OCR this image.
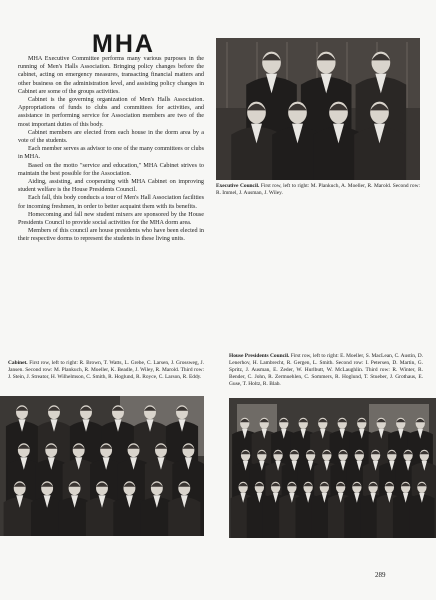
MHA

MHA Executive Committee performs many various purposes in the running of Men's Halls Association. Bringing policy changes before the cabinet, acting on emergency measures, transacting financial matters and other business on the administration level, and assisting policy changes in Cabinet are some of the groups activities.

Cabinet is the governing organization of Men's Halls Association. Appropriations of funds to clubs and committees for activities, and assistance in performing service for Association members are two of the most important duties of this body.

Cabinet members are elected from each house in the dorm area by a vote of the students.

Each member serves as advisor to one of the many committees or clubs in MHA.

Based on the motto "service and education," MHA Cabinet strives to maintain the best possible for the Association.

Aiding, assisting, and cooperating with MHA Cabinet on improving student welfare is the House Presidents Council.

Each fall, this body conducts a tour of Men's Hall Association facilities for incoming freshmen, in order to better acquaint them with its benefits.

Homecoming and fall new student mixers are sponsored by the House Presidents Council to provide social activities for the MHA dorm area.

Members of this council are house presidents who have been elected in their respective dorms to represent the students in these living units.

Executive Council. First row, left to right: M. Plankuch, A. Moeller, R. Marold. Second row: R. Immel, J. Ausman, J. Wiley.
Cabinet. First row, left to right: R. Brown, T. Watts, L. Grebe, C. Larsen, J. Grossweg, J. Jansen. Second row: M. Plankuch, R. Moeller, K. Beadle, J. Wiley, R. Marold. Third row: J. Stein, J. Streator, H. Wilhelmson, C. Smith, R. Hoglund, R. Royce, C. Larson, R. Eddy.
House Presidents Council. First row, left to right: E. Moeller, S. MacLean, C. Austin, D. Lenerhov, H. Lambrecht, R. Gergen, L. Smith. Second row: I. Petersen, D. Martin, G. Spritz, J. Ausman, E. Zeder, W. Hurlbutt, W. McLaughlin. Third row: R. Winter, R. Bender, C. John, R. Zermuehlen, C. Sommers, R. Hoglund, T. Stueber, J. Grothaus, E. Guse, T. Holtz, R. Blab.
289
